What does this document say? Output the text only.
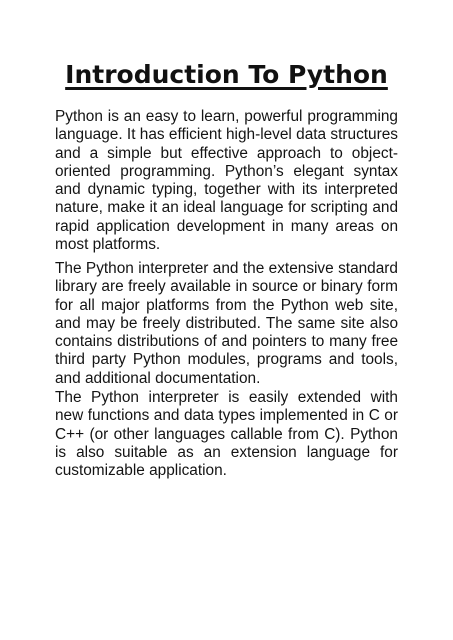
Introduction To Python

Python is an easy to learn, powerful programming language. It has efficient high-level data structures and a simple but effective approach to object-oriented programming. Python’s elegant syntax and dynamic typing, together with its interpreted nature, make it an ideal language for scripting and rapid application development in many areas on most platforms.

The Python interpreter and the extensive standard library are freely available in source or binary form for all major platforms from the Python web site, and may be freely distributed. The same site also contains distributions of and pointers to many free third party Python modules, programs and tools, and additional documentation.

The Python interpreter is easily extended with new functions and data types implemented in C or C++ (or other languages callable from C). Python is also suitable as an extension language for customizable application.
